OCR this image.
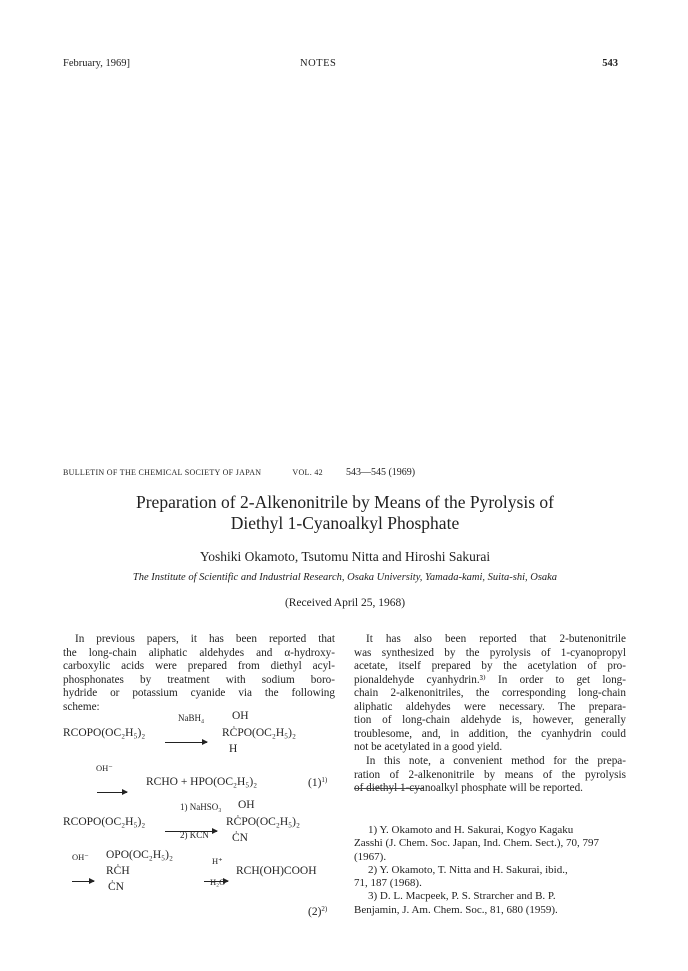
February, 1969]	NOTES	543
BULLETIN OF THE CHEMICAL SOCIETY OF JAPAN	VOL. 42 543—545 (1969)
Preparation of 2-Alkenonitrile by Means of the Pyrolysis of
Diethyl 1-Cyanoalkyl Phosphate
Yoshiki Okamoto, Tsutomu Nitta and Hiroshi Sakurai
The Institute of Scientific and Industrial Research, Osaka University, Yamada-kami, Suita-shi, Osaka
(Received April 25, 1968)
In previous papers, it has been reported that
the long-chain aliphatic aldehydes and α-hydroxy-
carboxylic acids were prepared from diethyl acyl-
phosphonates by treatment with sodium boro-
hydride or potassium cyanide via the following
scheme:
NaBH₄ OH
RCOPO(OC₂H₅)₂	RĊPO(OC₂H₅)₂
H
OH⁻
RCHO + HPO(OC₂H₅)₂	$(1)^{1)}$
1) NaHSO₃ OH
RCOPO(OC₂H₅)₂	RĊPO(OC₂H₅)₂
2) KCN ĊN
OH⁻ OPO(OC₂H₅)₂	H⁺
RĊH	RCH(OH)COOH
H₂O
ĊN
$(2)^{2)}$
It has also been reported that 2-butenonitrile
was synthesized by the pyrolysis of 1-cyanopropyl
acetate, itself prepared by the acetylation of pro-
pionaldehyde cyanhydrin.³⁾ In order to get long-
chain 2-alkenonitriles, the corresponding long-chain
aliphatic aldehydes were necessary. The prepara-
tion of long-chain aldehyde is, however, generally
troublesome, and, in addition, the cyanhydrin could
not be acetylated in a good yield.
In this note, a convenient method for the prepa-
ration of 2-alkenonitrile by means of the pyrolysis
of diethyl 1-cyanoalkyl phosphate will be reported.
1) Y. Okamoto and H. Sakurai, Kogyo Kagaku
Zasshi (J. Chem. Soc. Japan, Ind. Chem. Sect.), 70, 797
(1967).
2) Y. Okamoto, T. Nitta and H. Sakurai, ibid.,
71, 187 (1968).
3) D. L. Macpeek, P. S. Strarcher and B. P.
Benjamin, J. Am. Chem. Soc., 81, 680 (1959).
